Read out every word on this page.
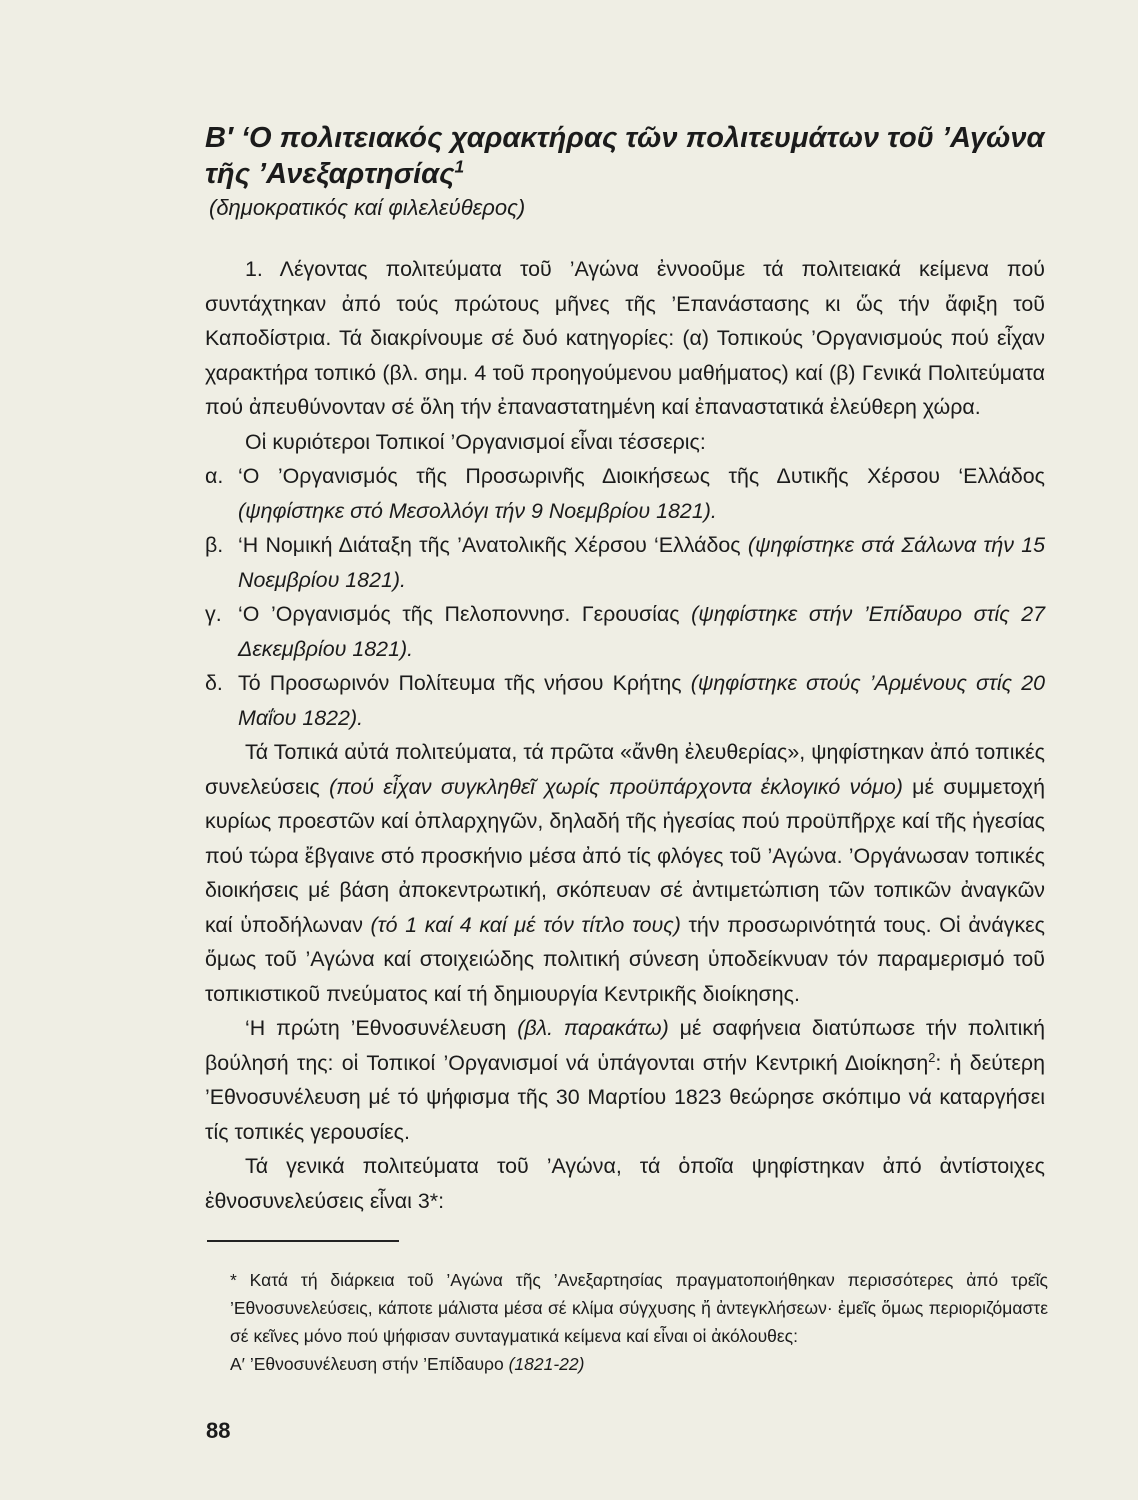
B′ ‘Ο πολιτειακός χαρακτήρας τῶν πολιτευμάτων τοῦ ’Αγώνα

τῆς ’Ανεξαρτησίας$^1$

(δημοκρατικός καί φιλελεύθερος)

1. Λέγοντας πολιτεύματα τοῦ ’Αγώνα ἐννοοῦμε τά πολιτειακά κείμενα πού συντάχτηκαν ἀπό τούς πρώτους μῆνες τῆς ’Επανάστασης κι ὥς τήν ἄφιξη τοῦ Καποδίστρια. Τά διακρίνουμε σέ δυό κατηγορίες: (α) Τοπικούς ’Οργανισμούς πού εἶχαν χαρακτήρα τοπικό (βλ. σημ. 4 τοῦ προηγούμενου μαθήματος) καί (β) Γενικά Πολιτεύματα πού ἀπευθύνονταν σέ ὅλη τήν ἐπαναστατημένη καί ἐπαναστατικά ἐλεύθερη χώρα.

Οἱ κυριότεροι Τοπικοί ’Οργανισμοί εἶναι τέσσερις:

α. ‘Ο ’Οργανισμός τῆς Προσωρινῆς Διοικήσεως τῆς Δυτικῆς Χέρσου ‘Ελλάδος (ψηφίστηκε στό Μεσολλόγι τήν 9 Νοεμβρίου 1821).
β. ‘Η Νομική Διάταξη τῆς ’Ανατολικῆς Χέρσου ‘Ελλάδος (ψηφίστηκε στά Σάλωνα τήν 15 Νοεμβρίου 1821).
γ. ‘Ο ’Οργανισμός τῆς Πελοποννησ. Γερουσίας (ψηφίστηκε στήν ’Επίδαυρο στίς 27 Δεκεμβρίου 1821).
δ. Τό Προσωρινόν Πολίτευμα τῆς νήσου Κρήτης (ψηφίστηκε στούς ’Αρμένους στίς 20 Μαΐου 1822).

Τά Τοπικά αὐτά πολιτεύματα, τά πρῶτα «ἄνθη ἐλευθερίας», ψηφίστηκαν ἀπό τοπικές συνελεύσεις (πού εἶχαν συγκληθεῖ χωρίς προϋπάρχοντα ἐκλογικό νόμο) μέ συμμετοχή κυρίως προεστῶν καί ὁπλαρχηγῶν, δηλαδή τῆς ἡγεσίας πού προϋπῆρχε καί τῆς ἡγεσίας πού τώρα ἔβγαινε στό προσκήνιο μέσα ἀπό τίς φλόγες τοῦ ’Αγώνα. ’Οργάνωσαν τοπικές διοικήσεις μέ βάση ἀποκεντρωτική, σκόπευαν σέ ἀντιμετώπιση τῶν τοπικῶν ἀναγκῶν καί ὑποδήλωναν (τό 1 καί 4 καί μέ τόν τίτλο τους) τήν προσωρινότητά τους. Οἱ ἀνάγκες ὅμως τοῦ ’Αγώνα καί στοιχειώδης πολιτική σύνεση ὑποδείκνυαν τόν παραμερισμό τοῦ τοπικιστικοῦ πνεύματος καί τή δημιουργία Κεντρικῆς διοίκησης.

‘Η πρώτη ’Εθνοσυνέλευση (βλ. παρακάτω) μέ σαφήνεια διατύπωσε τήν πολιτική βούλησή της: οἱ Τοπικοί ’Οργανισμοί νά ὑπάγονται στήν Κεντρική Διοίκηση$^2$: ἡ δεύτερη ’Εθνοσυνέλευση μέ τό ψήφισμα τῆς 30 Μαρτίου 1823 θεώρησε σκόπιμο νά καταργήσει τίς τοπικές γερουσίες.

Τά γενικά πολιτεύματα τοῦ ’Αγώνα, τά ὁποῖα ψηφίστηκαν ἀπό ἀντίστοιχες ἐθνοσυνελεύσεις εἶναι 3*:

* Κατά τή διάρκεια τοῦ ’Αγώνα τῆς ’Ανεξαρτησίας πραγματοποιήθηκαν περισσότερες ἀπό τρεῖς ’Εθνοσυνελεύσεις, κάποτε μάλιστα μέσα σέ κλίμα σύγχυσης ἤ ἀντεγκλήσεων· ἐμεῖς ὅμως περιοριζόμαστε σέ κεῖνες μόνο πού ψήφισαν συνταγματικά κείμενα καί εἶναι οἱ ἀκόλουθες:

Α′ ’Εθνοσυνέλευση στήν ’Επίδαυρο (1821-22)

88
